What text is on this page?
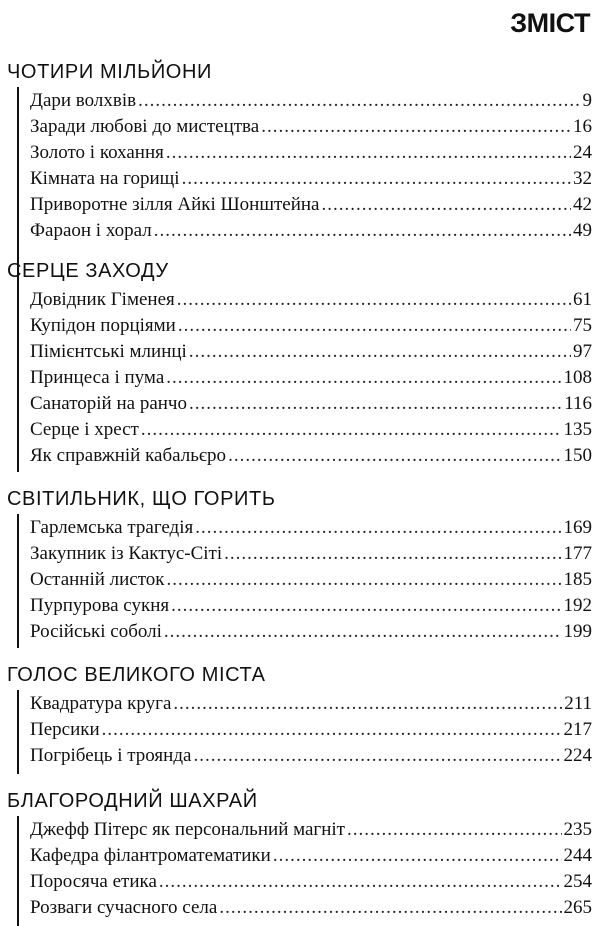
ЗМІСТ
ЧОТИРИ МІЛЬЙОНИ
Дари волхвів .....	9
Заради любові до мистецтва .....	16
Золото і кохання .....	24
Кімната на горищі .....	32
Приворотне зілля Айкі Шонштейна .....	42
Фараон і хорал .....	49
СЕРЦЕ ЗАХОДУ
Довідник Гіменея .....	61
Купідон порціями .....	75
Пімієнтські млинці .....	97
Принцеса і пума .....	108
Санаторій на ранчо .....	116
Серце і хрест .....	135
Як справжній кабальєро .....	150
СВІТИЛЬНИК, ЩО ГОРИТЬ
Гарлемська трагедія .....	169
Закупник із Кактус-Сіті .....	177
Останній листок .....	185
Пурпурова сукня .....	192
Російські соболі .....	199
ГОЛОС ВЕЛИКОГО МІСТА
Квадратура круга .....	211
Персики .....	217
Погрібець і троянда .....	224
БЛАГОРОДНИЙ ШАХРАЙ
Джефф Пітерс як персональний магніт .....	235
Кафедра філантроматематики .....	244
Поросяча етика .....	254
Розваги сучасного села .....	265
